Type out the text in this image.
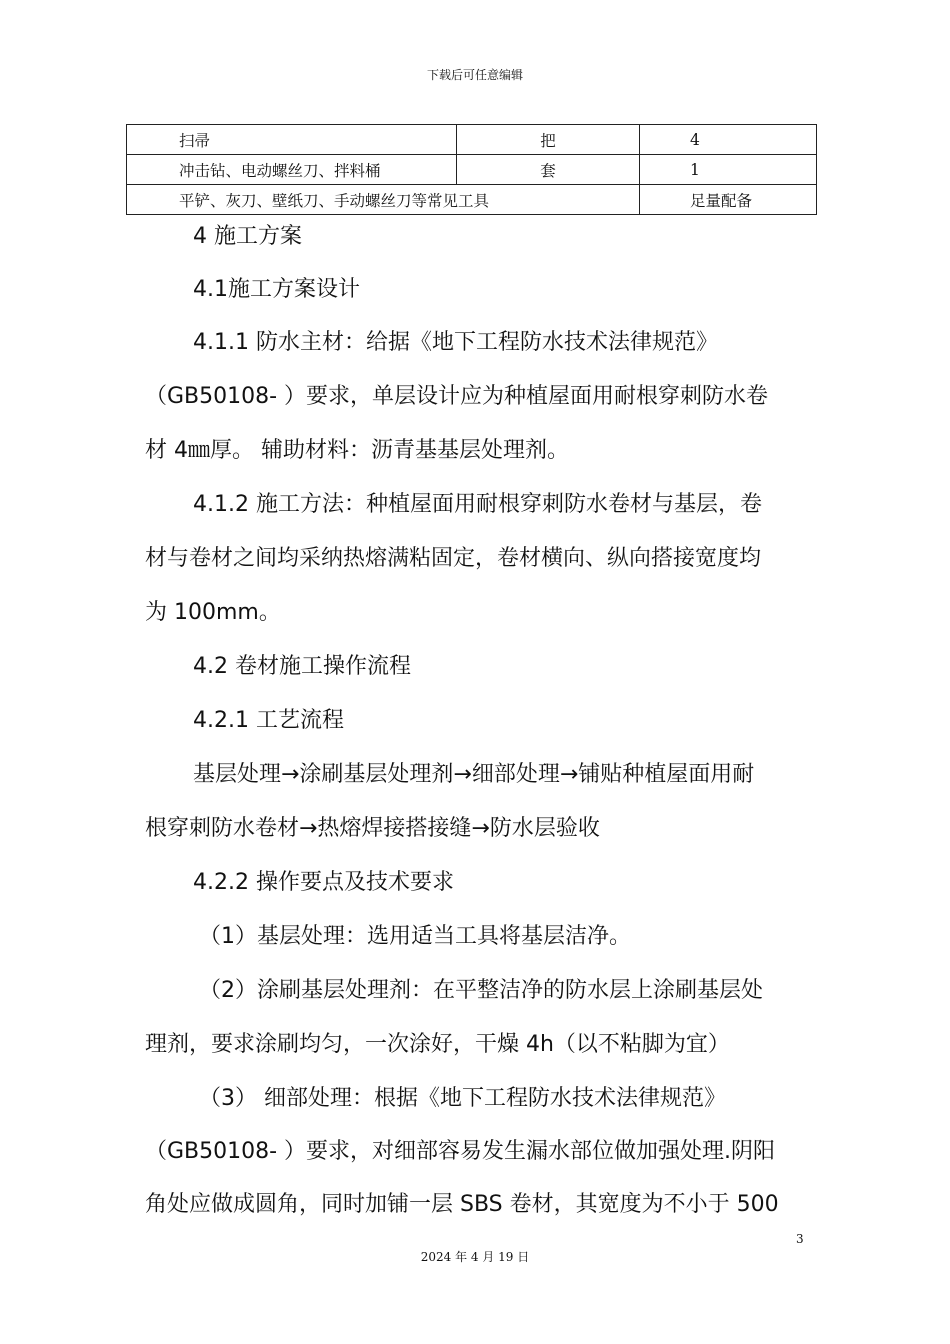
下载后可任意编辑
扫帚	把	4
冲击钻、电动螺丝刀、拌料桶	套	1
平铲、灰刀、壁纸刀、手动螺丝刀等常见工具		足量配备
4 施工方案
4.1施工方案设计
4.1.1 防水主材：给据《地下工程防水技术法律规范》
（GB50108- ）要求，单层设计应为种植屋面用耐根穿刺防水卷
材 4㎜厚。 辅助材料：沥青基基层处理剂。
4.1.2 施工方法：种植屋面用耐根穿刺防水卷材与基层，卷
材与卷材之间均采纳热熔满粘固定，卷材横向、纵向搭接宽度均
为 100mm。
4.2 卷材施工操作流程
4.2.1 工艺流程
基层处理→涂刷基层处理剂→细部处理→铺贴种植屋面用耐
根穿刺防水卷材→热熔焊接搭接缝→防水层验收
4.2.2 操作要点及技术要求
（1）基层处理：选用适当工具将基层洁净。
（2）涂刷基层处理剂：在平整洁净的防水层上涂刷基层处
理剂，要求涂刷均匀，一次涂好，干燥 4h（以不粘脚为宜）
（3） 细部处理：根据《地下工程防水技术法律规范》
（GB50108- ）要求，对细部容易发生漏水部位做加强处理.阴阳
角处应做成圆角，同时加铺一层 SBS 卷材，其宽度为不小于 500
3
2024 年 4 月 19 日
